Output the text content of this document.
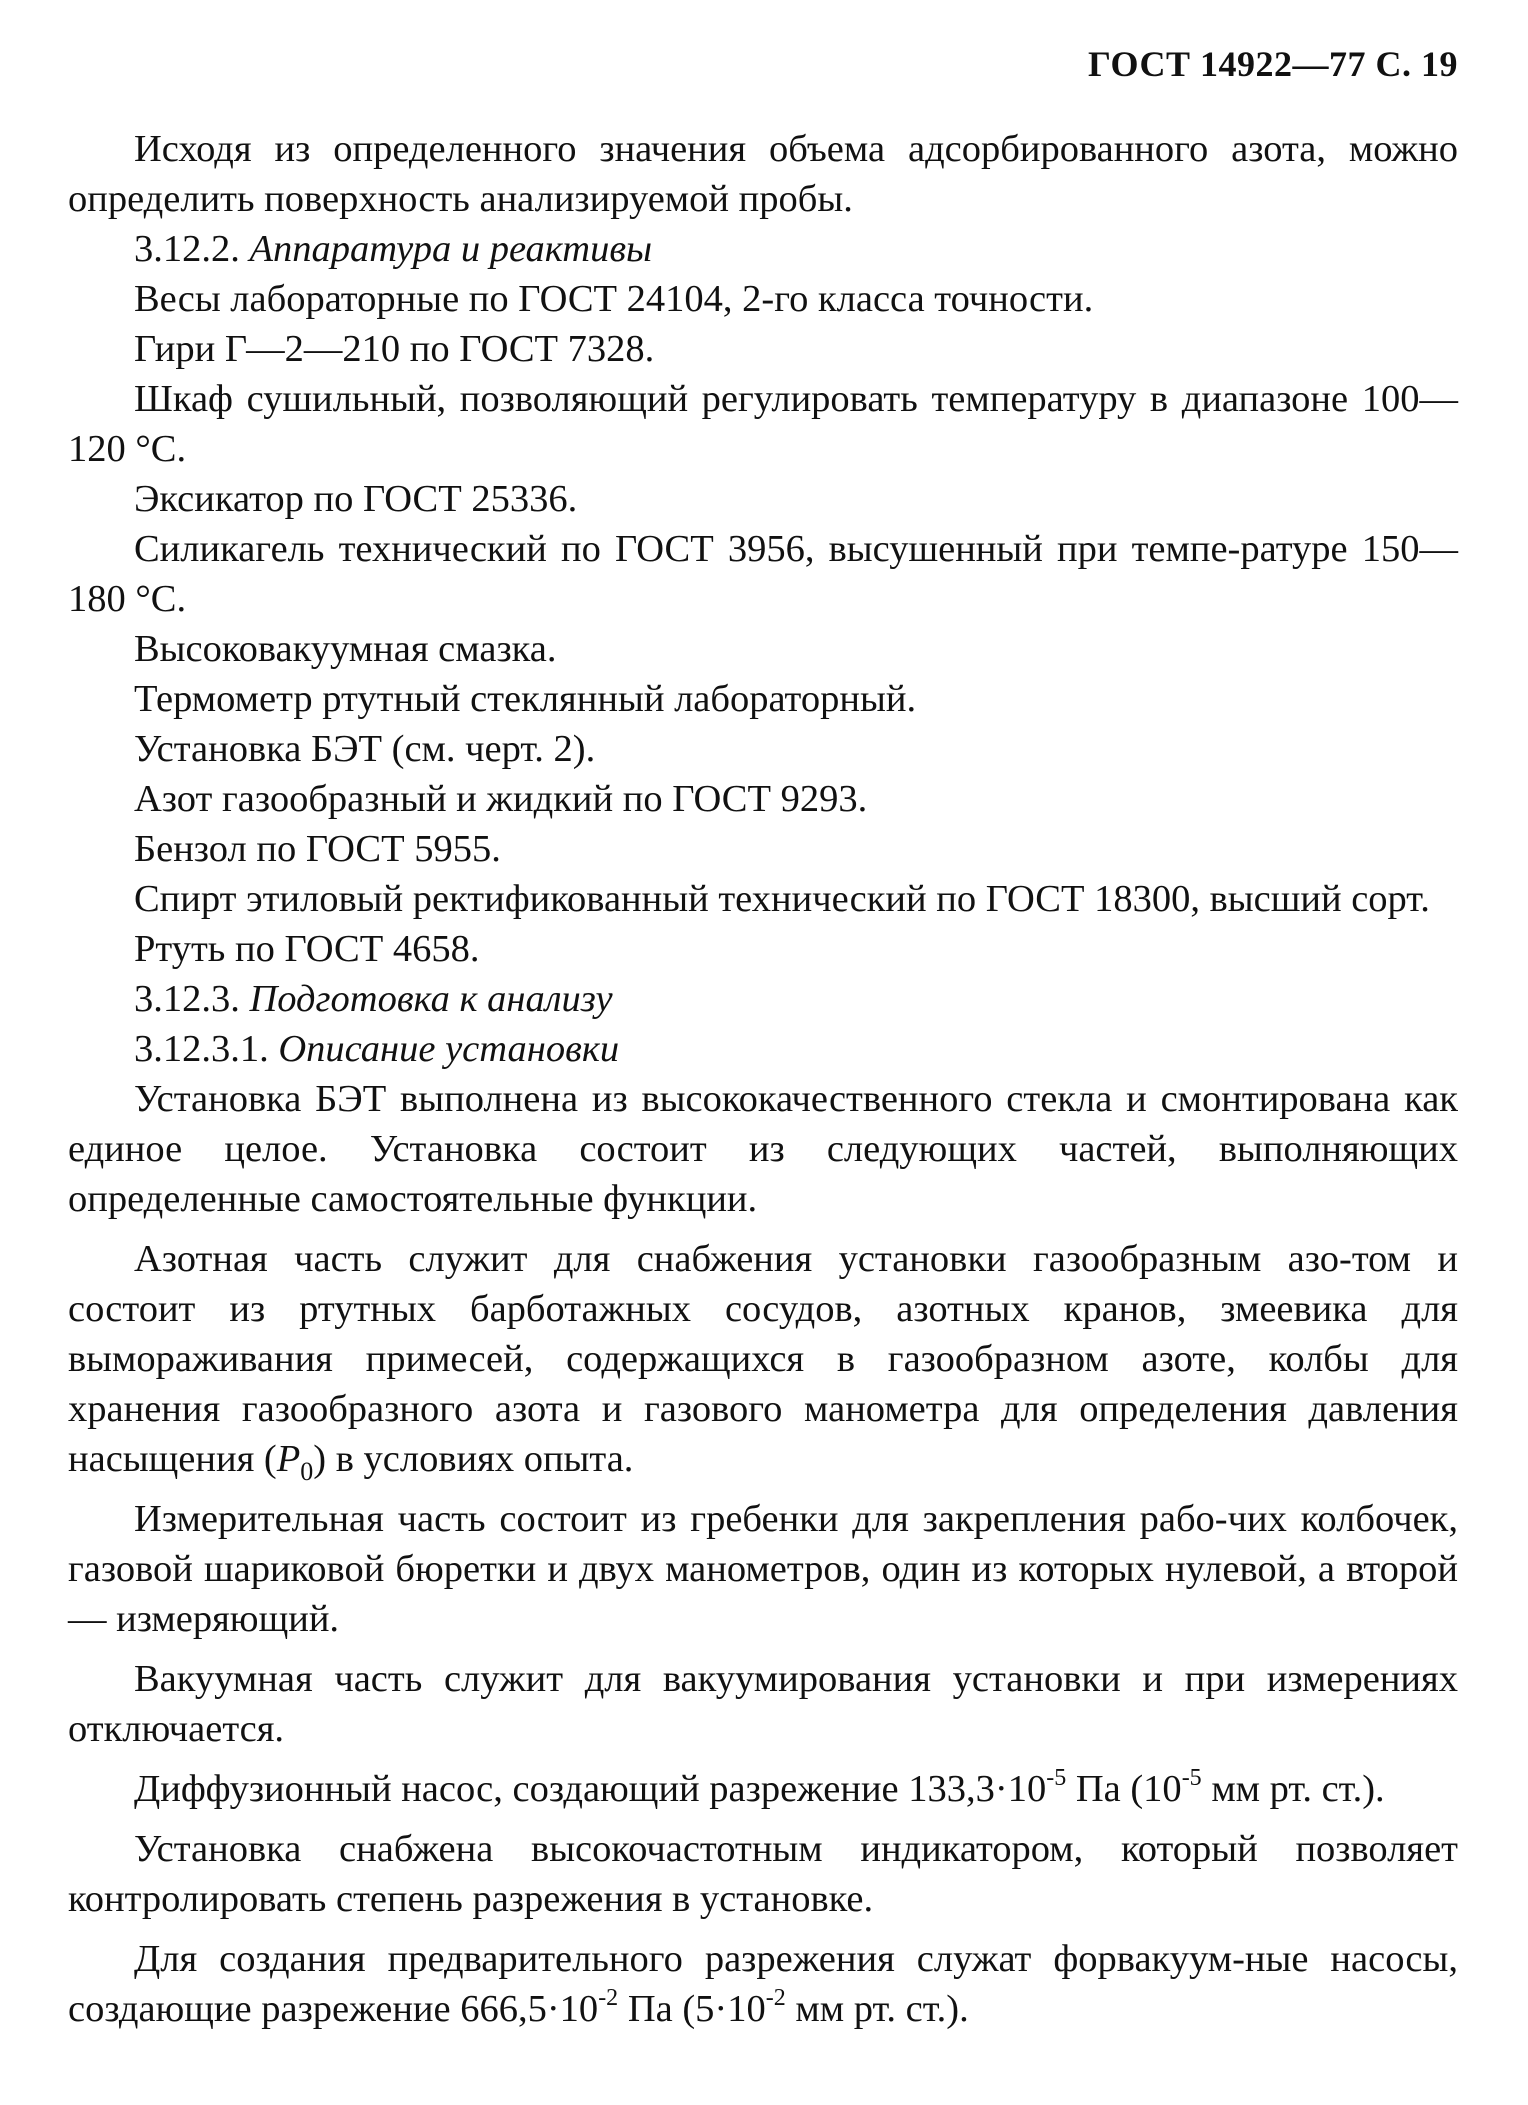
ГОСТ 14922—77 С. 19

Исходя из определенного значения объема адсорбированного азота, можно определить поверхность анализируемой пробы.

3.12.2. Аппаратура и реактивы

Весы лабораторные по ГОСТ 24104, 2-го класса точности.

Гири Г—2—210 по ГОСТ 7328.

Шкаф сушильный, позволяющий регулировать температуру в диапазоне 100—120 °С.

Эксикатор по ГОСТ 25336.

Силикагель технический по ГОСТ 3956, высушенный при темпе-ратуре 150—180 °С.

Высоковакуумная смазка.

Термометр ртутный стеклянный лабораторный.

Установка БЭТ (см. черт. 2).

Азот газообразный и жидкий по ГОСТ 9293.

Бензол по ГОСТ 5955.

Спирт этиловый ректификованный технический по ГОСТ 18300, высший сорт.

Ртуть по ГОСТ 4658.

3.12.3. Подготовка к анализу

3.12.3.1. Описание установки

Установка БЭТ выполнена из высококачественного стекла и смонтирована как единое целое. Установка состоит из следующих частей, выполняющих определенные самостоятельные функции.

Азотная часть служит для снабжения установки газообразным азо-том и состоит из ртутных барботажных сосудов, азотных кранов, змеевика для вымораживания примесей, содержащихся в газообразном азоте, колбы для хранения газообразного азота и газового манометра для определения давления насыщения $(P_0)$ в условиях опыта.

Измерительная часть состоит из гребенки для закрепления рабо-чих колбочек, газовой шариковой бюретки и двух манометров, один из которых нулевой, а второй — измеряющий.

Вакуумная часть служит для вакуумирования установки и при измерениях отключается.

Диффузионный насос, создающий разрежение $133,3\cdot 10^{-5}$ Па ($10^{-5}$ мм рт. ст.).

Установка снабжена высокочастотным индикатором, который позволяет контролировать степень разрежения в установке.

Для создания предварительного разрежения служат форвакуум-ные насосы, создающие разрежение $666,5\cdot 10^{-2}$ Па ($5\cdot 10^{-2}$ мм рт. ст.).
